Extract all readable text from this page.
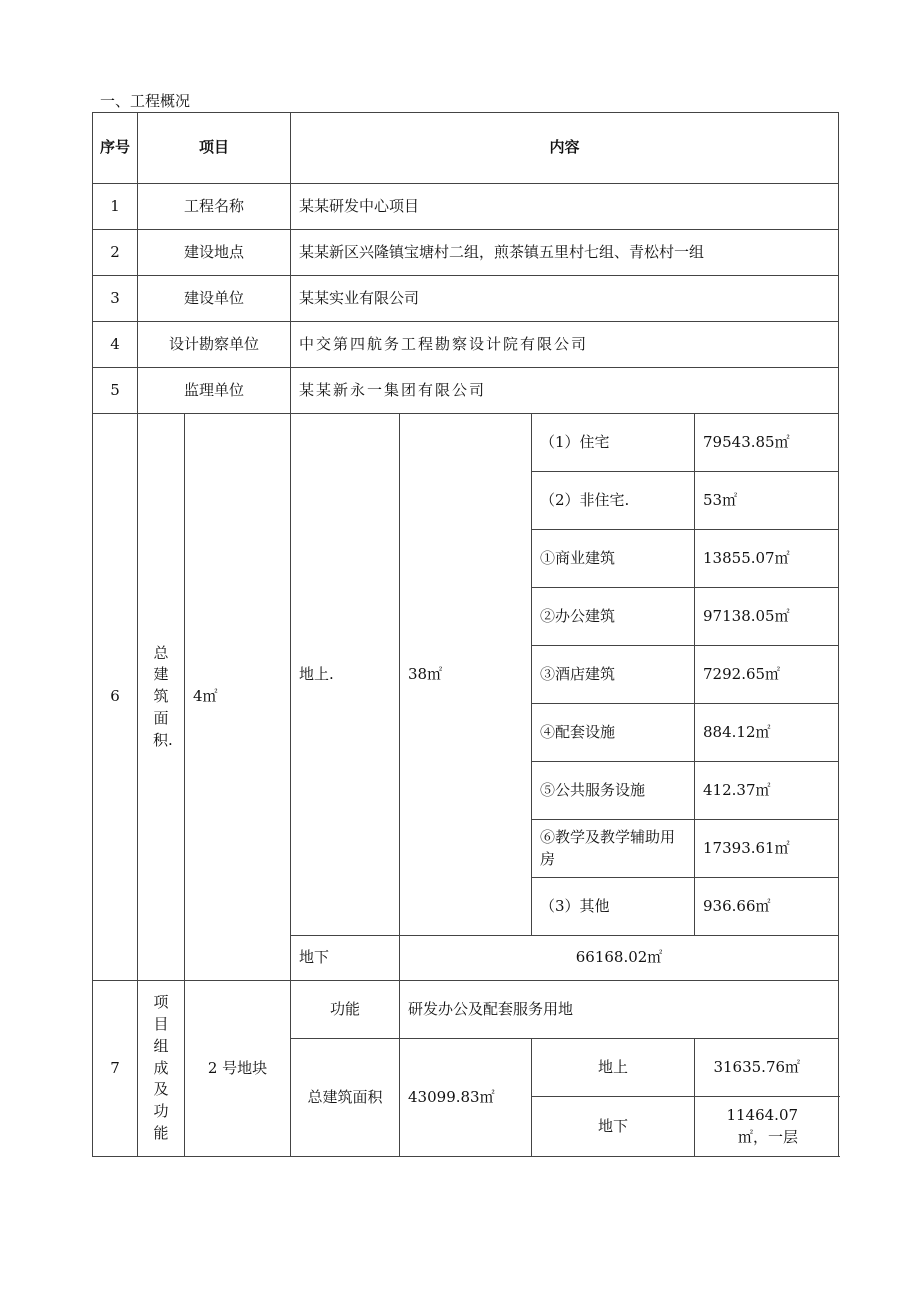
一、工程概况
序号	项目		内容			
1	工程名称		某某研发中心项目			
2	建设地点		某某新区兴隆镇宝塘村二组，煎茶镇五里村七组、青松村一组			
3	建设单位		某某实业有限公司			
4	设计勘察单位		中交第四航务工程勘察设计院有限公司			
5	监理单位		某某新永一集团有限公司			
6	总建筑面积.	4㎡	地上.	38㎡	（1）住宅	79543.85㎡
					（2）非住宅.	53㎡
					①商业建筑	13855.07㎡
					②办公建筑	97138.05㎡
					③酒店建筑	7292.65㎡
					④配套设施	884.12㎡
					⑤公共服务设施	412.37㎡
					⑥教学及教学辅助用房	17393.61㎡
					（3）其他	936.66㎡
			地下	66168.02㎡		
7	项目组成及功能	2 号地块	功能	研发办公及配套服务用地		
			总建筑面积	43099.83㎡	地上	31635.76㎡
					地下	11464.07㎡，一层
